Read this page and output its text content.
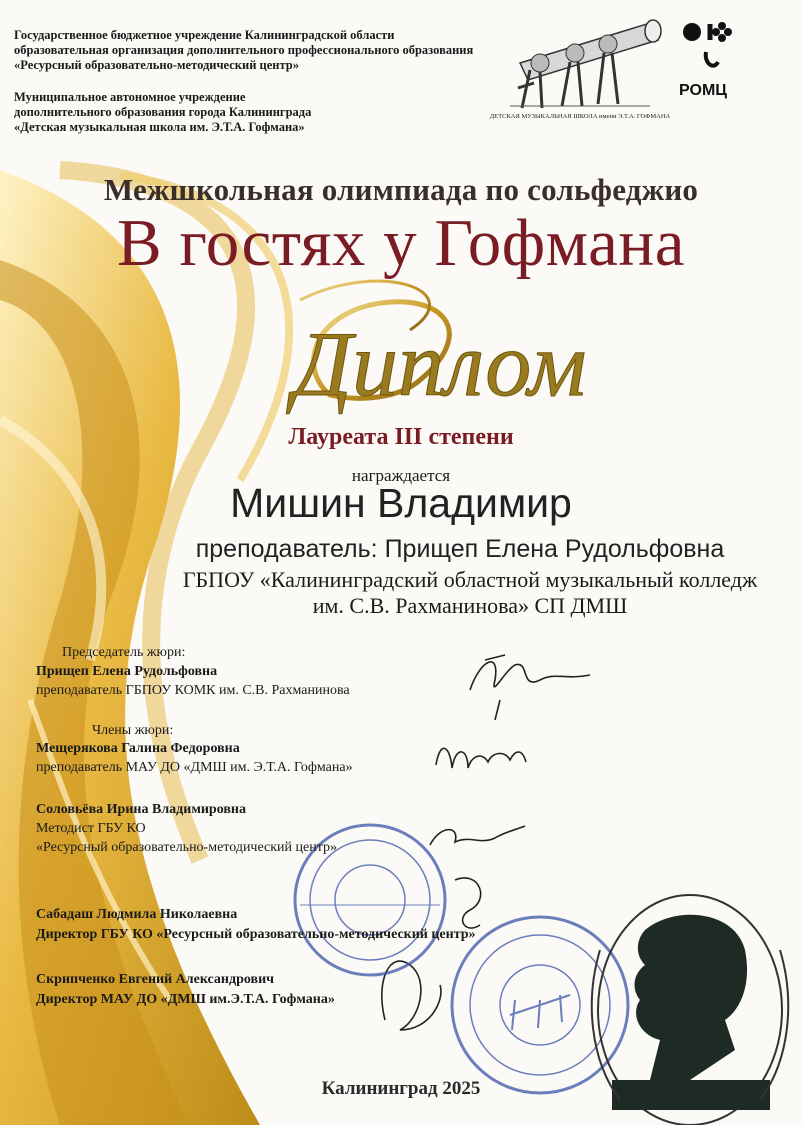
Государственное бюджетное учреждение Калининградской области
образовательная организация дополнительного профессионального образования
«Ресурсный образовательно-методический центр»
Муниципальное автономное учреждение
дополнительного образования города Калининграда
«Детская музыкальная школа им. Э.Т.А. Гофмана»
ДЕТСКАЯ МУЗЫКАЛЬНАЯ ШКОЛА имени Э.Т.А. ГОФМАНА
РОМЦ
Межшкольная олимпиада по сольфеджио
В гостях у Гофмана
Диплом
Лауреата III степени
награждается
Мишин Владимир
преподаватель: Прищеп Елена Рудольфовна
ГБПОУ «Калининградский областной музыкальный колледж
им. С.В. Рахманинова» СП ДМШ
Председатель жюри:
Прищеп Елена Рудольфовна
преподаватель ГБПОУ КОМК им. С.В. Рахманинова
Члены жюри:
Мещерякова Галина Федоровна
преподаватель МАУ ДО «ДМШ им. Э.Т.А. Гофмана»
Соловьёва Ирина Владимировна
Методист ГБУ КО
«Ресурсный образовательно-методический центр»
Сабадаш Людмила Николаевна
Директор ГБУ КО «Ресурсный образовательно-методический центр»
Скрипченко Евгений Александрович
Директор МАУ ДО «ДМШ им.Э.Т.А. Гофмана»
Калининград 2025
